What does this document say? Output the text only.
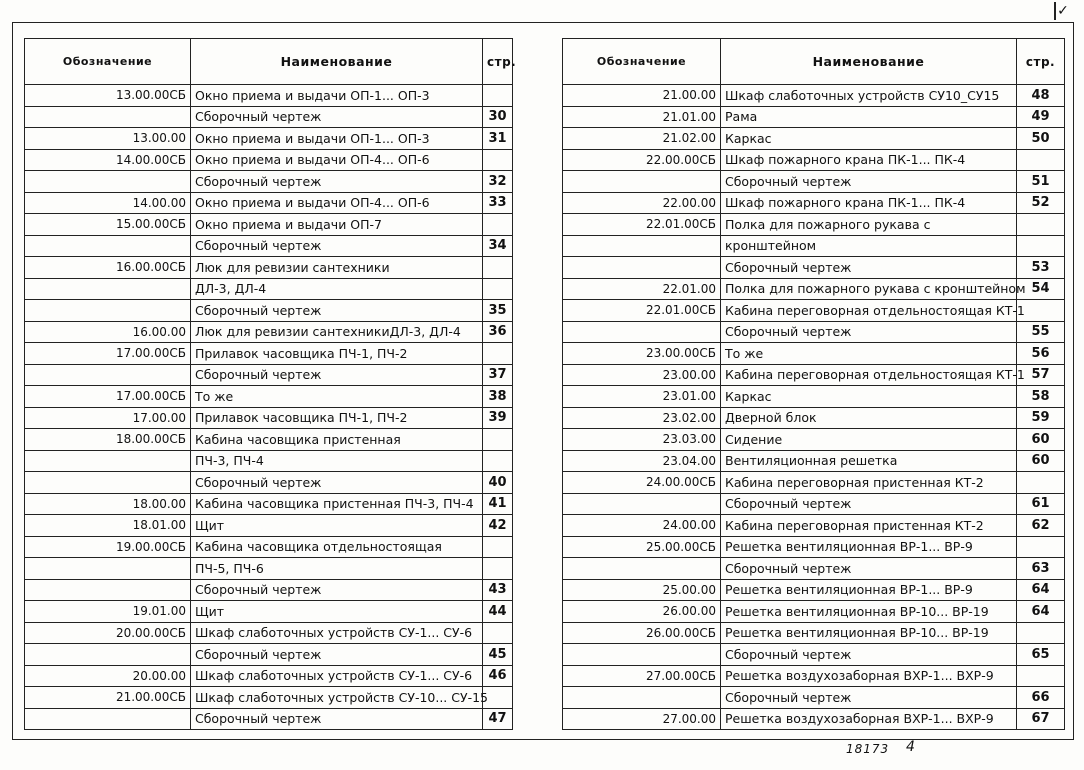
✓
Обозначение	Наименование	стр.
13.00.00СБ	Окно приема и выдачи ОП-1... ОП-3	
	Сборочный чертеж	30
13.00.00	Окно приема и выдачи ОП-1... ОП-3	31
14.00.00СБ	Окно приема и выдачи ОП-4... ОП-6	
	Сборочный чертеж	32
14.00.00	Окно приема и выдачи ОП-4... ОП-6	33
15.00.00СБ	Окно приема и выдачи ОП-7	
	Сборочный чертеж	34
16.00.00СБ	Люк для ревизии сантехники	
	ДЛ-3, ДЛ-4	
	Сборочный чертеж	35
16.00.00	Люк для ревизии сантехникиДЛ-3, ДЛ-4	36
17.00.00СБ	Прилавок часовщика ПЧ-1, ПЧ-2	
	Сборочный чертеж	37
17.00.00СБ	То же	38
17.00.00	Прилавок часовщика ПЧ-1, ПЧ-2	39
18.00.00СБ	Кабина часовщика пристенная	
	ПЧ-3, ПЧ-4	
	Сборочный чертеж	40
18.00.00	Кабина часовщика пристенная ПЧ-3, ПЧ-4	41
18.01.00	Щит	42
19.00.00СБ	Кабина часовщика отдельностоящая	
	ПЧ-5, ПЧ-6	
	Сборочный чертеж	43
19.01.00	Щит	44
20.00.00СБ	Шкаф слаботочных устройств СУ-1... СУ-6	
	Сборочный чертеж	45
20.00.00	Шкаф слаботочных устройств СУ-1... СУ-6	46
21.00.00СБ	Шкаф слаботочных устройств СУ-10... СУ-15	
	Сборочный чертеж	47
Обозначение	Наименование	стр.
21.00.00	Шкаф слаботочных устройств СУ10_СУ15	48
21.01.00	Рама	49
21.02.00	Каркас	50
22.00.00СБ	Шкаф пожарного крана ПК-1... ПК-4	
	Сборочный чертеж	51
22.00.00	Шкаф пожарного крана ПК-1... ПК-4	52
22.01.00СБ	Полка для пожарного рукава с	
	кронштейном	
	Сборочный чертеж	53
22.01.00	Полка для пожарного рукава с кронштейном	54
22.01.00СБ	Кабина переговорная отдельностоящая КТ-1	
	Сборочный чертеж	55
23.00.00СБ	То же	56
23.00.00	Кабина переговорная отдельностоящая КТ-1	57
23.01.00	Каркас	58
23.02.00	Дверной блок	59
23.03.00	Сидение	60
23.04.00	Вентиляционная решетка	60
24.00.00СБ	Кабина переговорная пристенная КТ-2	
	Сборочный чертеж	61
24.00.00	Кабина переговорная пристенная КТ-2	62
25.00.00СБ	Решетка вентиляционная ВР-1... ВР-9	
	Сборочный чертеж	63
25.00.00	Решетка вентиляционная ВР-1... ВР-9	64
26.00.00	Решетка вентиляционная ВР-10... ВР-19	64
26.00.00СБ	Решетка вентиляционная ВР-10... ВР-19	
	Сборочный чертеж	65
27.00.00СБ	Решетка воздухозаборная ВХР-1... ВХР-9	
	Сборочный чертеж	66
27.00.00	Решетка воздухозаборная ВХР-1... ВХР-9	67
18173 4
